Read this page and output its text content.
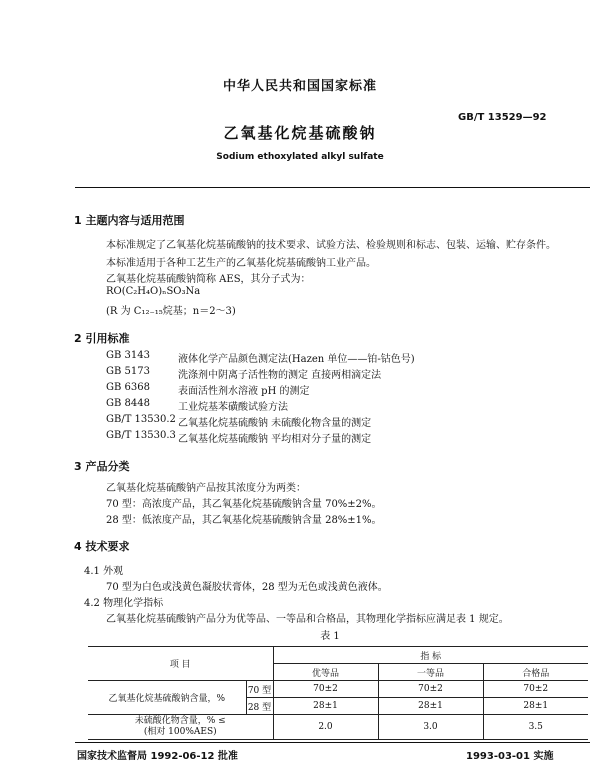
中华人民共和国国家标准
GB/T 13529—92
乙氧基化烷基硫酸钠
Sodium ethoxylated alkyl sulfate
1 主题内容与适用范围
本标准规定了乙氧基化烷基硫酸钠的技术要求、试验方法、检验规则和标志、包装、运输、贮存条件。
本标准适用于各种工艺生产的乙氧基化烷基硫酸钠工业产品。
乙氧基化烷基硫酸钠简称 AES，其分子式为：
RO(C₂H₄O)ₙSO₃Na
(R 为 C₁₂₋₁₅烷基；n＝2～3)
2 引用标准
GB 3143	液体化学产品颜色测定法(Hazen 单位——铂-钴色号)
GB 5173	洗涤剂中阴离子活性物的测定 直接两相滴定法
GB 6368	表面活性剂水溶液 pH 的测定
GB 8448	工业烷基苯磺酸试验方法
GB/T 13530.2 乙氧基化烷基硫酸钠 未硫酸化物含量的测定
GB/T 13530.3 乙氧基化烷基硫酸钠 平均相对分子量的测定
3 产品分类
乙氧基化烷基硫酸钠产品按其浓度分为两类：
70 型：高浓度产品，其乙氧基化烷基硫酸钠含量 70%±2%。
28 型：低浓度产品，其乙氧基化烷基硫酸钠含量 28%±1%。
4 技术要求
4.1 外观
70 型为白色或浅黄色凝胶状膏体，28 型为无色或浅黄色液体。
4.2 物理化学指标
乙氧基化烷基硫酸钠产品分为优等品、一等品和合格品，其物理化学指标应满足表 1 规定。
表 1
项 目		指 标		
		优等品	一等品	合格品
乙氧基化烷基硫酸钠含量，%	70 型	70±2	70±2	70±2
	28 型	28±1	28±1	28±1

未硫酸化物含量，% ≤
(相对 100%AES)		2.0	3.0	3.5
国家技术监督局 1992-06-12 批准	1993-03-01 实施
